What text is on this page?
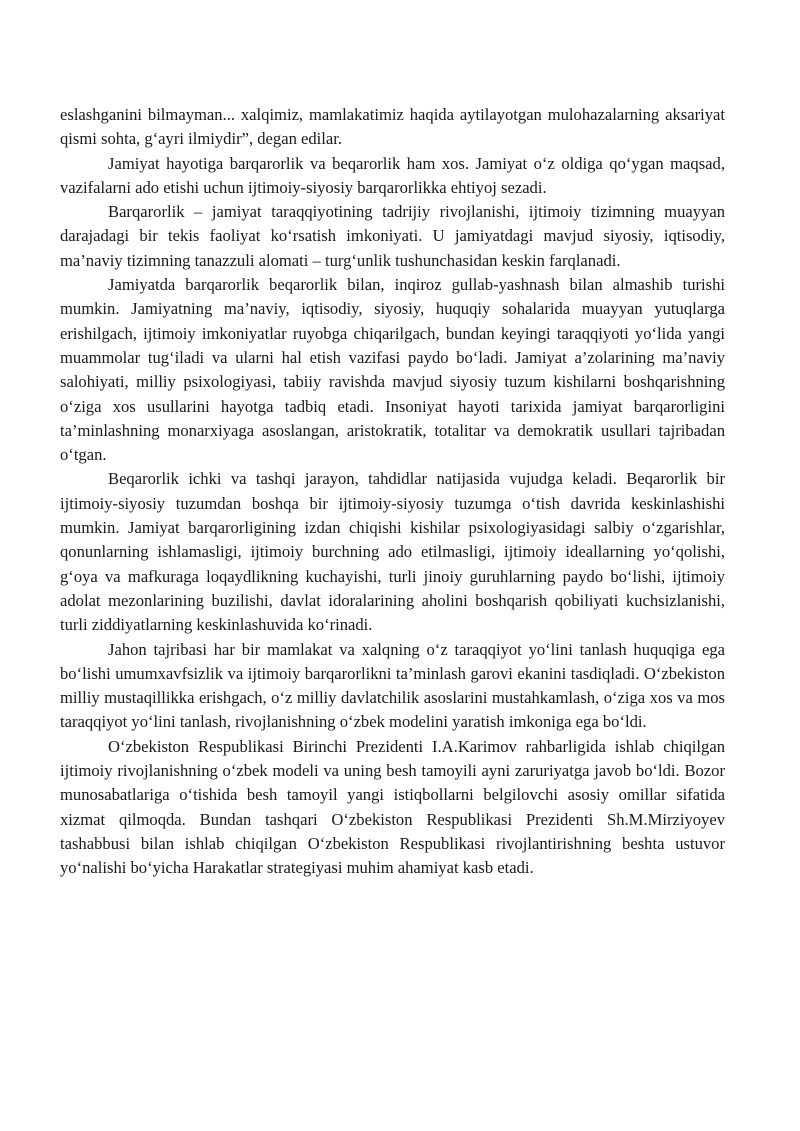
eslashganini bilmayman... xalqimiz, mamlakatimiz haqida aytilayotgan mulohazalarning aksariyat qismi sohta, g‘ayri ilmiydir”, degan edilar.

Jamiyat hayotiga barqarorlik va beqarorlik ham xos. Jamiyat o‘z oldiga qo‘ygan maqsad, vazifalarni ado etishi uchun ijtimoiy-siyosiy barqarorlikka ehtiyoj sezadi.

Barqarorlik – jamiyat taraqqiyotining tadrijiy rivojlanishi, ijtimoiy tizimning muayyan darajadagi bir tekis faoliyat ko‘rsatish imkoniyati. U jamiyatdagi mavjud siyosiy, iqtisodiy, ma’naviy tizimning tanazzuli alomati – turg‘unlik tushunchasidan keskin farqlanadi.

Jamiyatda barqarorlik beqarorlik bilan, inqiroz gullab-yashnash bilan almashib turishi mumkin. Jamiyatning ma’naviy, iqtisodiy, siyosiy, huquqiy sohalarida muayyan yutuqlarga erishilgach, ijtimoiy imkoniyatlar ruyobga chiqarilgach, bundan keyingi taraqqiyoti yo‘lida yangi muammolar tug‘iladi va ularni hal etish vazifasi paydo bo‘ladi. Jamiyat a’zolarining ma’naviy salohiyati, milliy psixologiyasi, tabiiy ravishda mavjud siyosiy tuzum kishilarni boshqarishning o‘ziga xos usullarini hayotga tadbiq etadi. Insoniyat hayoti tarixida jamiyat barqarorligini ta’minlashning monarxiyaga asoslangan, aristokratik, totalitar va demokratik usullari tajribadan o‘tgan.

Beqarorlik ichki va tashqi jarayon, tahdidlar natijasida vujudga keladi. Beqarorlik bir ijtimoiy-siyosiy tuzumdan boshqa bir ijtimoiy-siyosiy tuzumga o‘tish davrida keskinlashishi mumkin. Jamiyat barqarorligining izdan chiqishi kishilar psixologiyasidagi salbiy o‘zgarishlar, qonunlarning ishlamasligi, ijtimoiy burchning ado etilmasligi, ijtimoiy ideallarning yo‘qolishi, g‘oya va mafkuraga loqaydlikning kuchayishi, turli jinoiy guruhlarning paydo bo‘lishi, ijtimoiy adolat mezonlarining buzilishi, davlat idoralarining aholini boshqarish qobiliyati kuchsizlanishi, turli ziddiyatlarning keskinlashuvida ko‘rinadi.

Jahon tajribasi har bir mamlakat va xalqning o‘z taraqqiyot yo‘lini tanlash huquqiga ega bo‘lishi umumxavfsizlik va ijtimoiy barqarorlikni ta’minlash garovi ekanini tasdiqladi. O‘zbekiston milliy mustaqillikka erishgach, o‘z milliy davlatchilik asoslarini mustahkamlash, o‘ziga xos va mos taraqqiyot yo‘lini tanlash, rivojlanishning o‘zbek modelini yaratish imkoniga ega bo‘ldi.

O‘zbekiston Respublikasi Birinchi Prezidenti I.A.Karimov rahbarligida ishlab chiqilgan ijtimoiy rivojlanishning o‘zbek modeli va uning besh tamoyili ayni zaruriyatga javob bo‘ldi. Bozor munosabatlariga o‘tishida besh tamoyil yangi istiqbollarni belgilovchi asosiy omillar sifatida xizmat qilmoqda. Bundan tashqari O‘zbekiston Respublikasi Prezidenti Sh.M.Mirziyoyev tashabbusi bilan ishlab chiqilgan O‘zbekiston Respublikasi rivojlantirishning beshta ustuvor yo‘nalishi bo‘yicha Harakatlar strategiyasi muhim ahamiyat kasb etadi.
